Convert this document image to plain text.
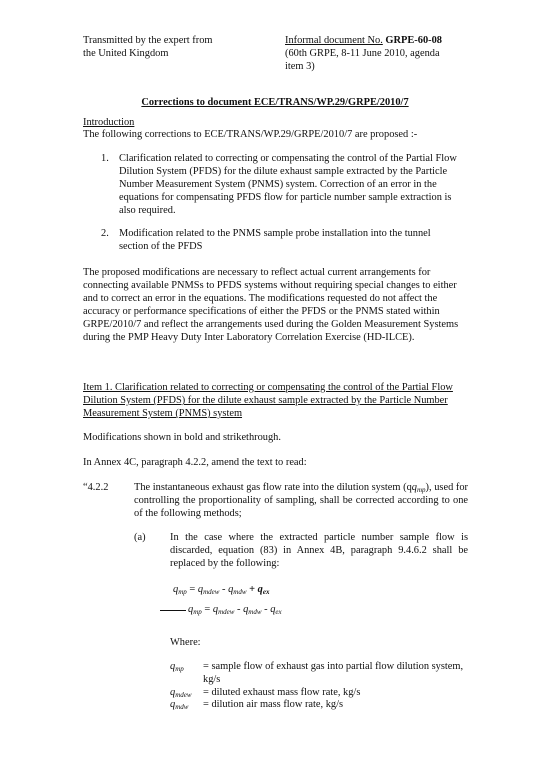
Transmitted by the expert from
the United Kingdom
Informal document No. GRPE-60-08
(60th GRPE, 8-11 June 2010, agenda
item 3)
Corrections to document ECE/TRANS/WP.29/GRPE/2010/7
Introduction
The following corrections to ECE/TRANS/WP.29/GRPE/2010/7 are proposed :-
1. Clarification related to correcting or compensating the control of the Partial Flow Dilution System (PFDS) for the dilute exhaust sample extracted by the Particle Number Measurement System (PNMS) system. Correction of an error in the equations for compensating PFDS flow for particle number sample extraction is also required.
2. Modification related to the PNMS sample probe installation into the tunnel section of the PFDS
The proposed modifications are necessary to reflect actual current arrangements for connecting available PNMSs to PFDS systems without requiring special changes to either and to correct an error in the equations. The modifications requested do not affect the accuracy or performance specifications of either the PFDS or the PNMS stated within GRPE/2010/7 and reflect the arrangements used during the Golden Measurement Systems during the PMP Heavy Duty Inter Laboratory Correlation Exercise (HD-ILCE).
Item 1. Clarification related to correcting or compensating the control of the Partial Flow Dilution System (PFDS) for the dilute exhaust sample extracted by the Particle Number Measurement System (PNMS) system
Modifications shown in bold and strikethrough.
In Annex 4C, paragraph 4.2.2, amend the text to read:
“4.2.2 The instantaneous exhaust gas flow rate into the dilution system $(qq_{mp})$, used for controlling the proportionality of sampling, shall be corrected according to one of the following methods;
(a) In the case where the extracted particle number sample flow is discarded, equation (83) in Annex 4B, paragraph 9.4.6.2 shall be replaced by the following:
$q_{mp} = q_{mdew} - q_{mdw} + q_{ex}$
$q_{mp} = q_{mdew} - q_{mdw} - q_{ex}$
Where:
$q_{mp}$ = sample flow of exhaust gas into partial flow dilution system, kg/s
$q_{mdew}$ = diluted exhaust mass flow rate, kg/s
$q_{mdw}$ = dilution air mass flow rate, kg/s
